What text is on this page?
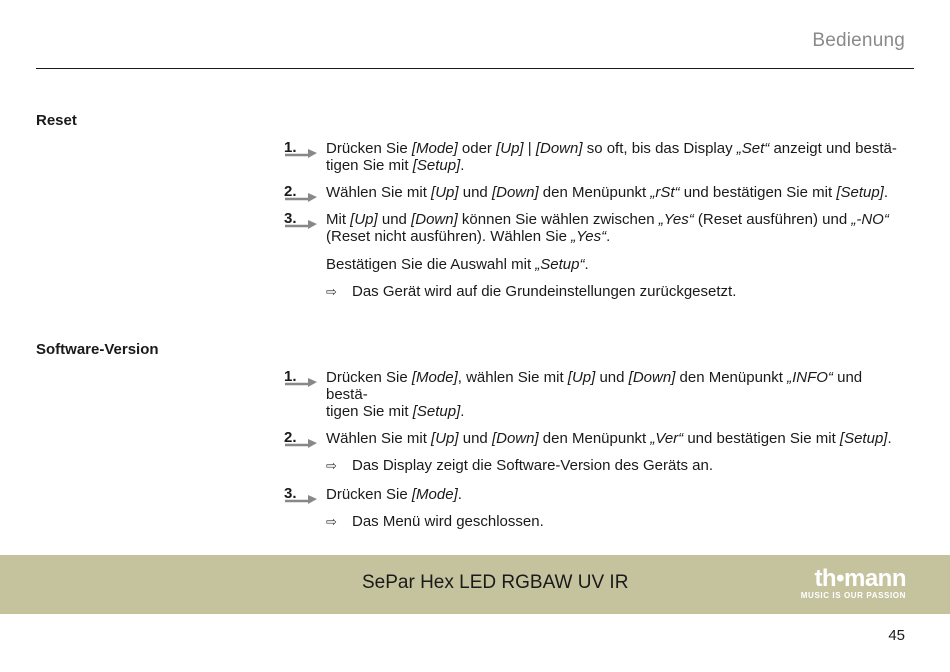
Bedienung
Reset
1.	Drücken Sie [Mode] oder [Up] | [Down] so oft, bis das Display „Set“ anzeigt und bestä-
tigen Sie mit [Setup].
2.	Wählen Sie mit [Up] und [Down] den Menüpunkt „rSt“ und bestätigen Sie mit [Setup].
3.	Mit [Up] und [Down] können Sie wählen zwischen „Yes“ (Reset ausführen) und „-NO“
(Reset nicht ausführen). Wählen Sie „Yes“.
Bestätigen Sie die Auswahl mit „Setup“.
⇨ Das Gerät wird auf die Grundeinstellungen zurückgesetzt.
Software-Version
1.	Drücken Sie [Mode], wählen Sie mit [Up] und [Down] den Menüpunkt „INFO“ und bestä-
tigen Sie mit [Setup].
2.	Wählen Sie mit [Up] und [Down] den Menüpunkt „Ver“ und bestätigen Sie mit [Setup].
⇨ Das Display zeigt die Software-Version des Geräts an.
3.	Drücken Sie [Mode].
⇨ Das Menü wird geschlossen.
SePar Hex LED RGBAW UV IR	th•mann
MUSIC IS OUR PASSION
45
